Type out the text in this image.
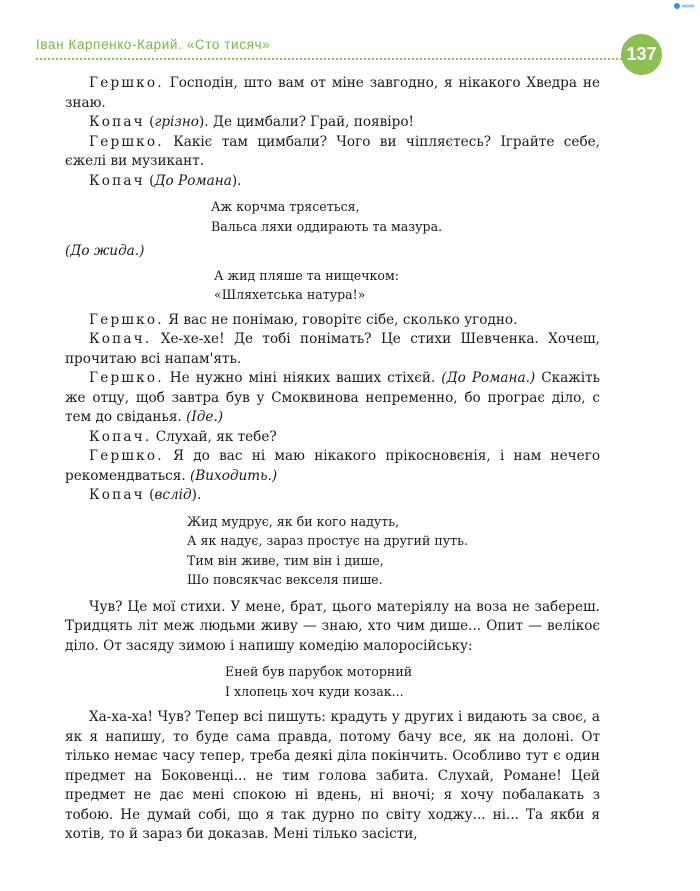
Іван Карпенко-Карий. «Сто тисяч»	137

Гершко. Господін, што вам от міне завгодно, я нікакого Хведра не знаю.

Копач (грізно). Де цимбали? Грай, появіро!

Гершко. Какіє там цимбали? Чого ви чіпляєтесь? Іграйте себе, єжелі ви музикант.

Копач (До Романа).

Аж корчма трясеться,
Вальса ляхи оддирають та мазура.

(До жида.)

А жид пляше та нищечком:
«Шляхетська натура!»

Гершко. Я вас не понімаю, говорітє сібе, сколько угодно.

Копач. Хе-хе-хе! Де тобі понімать? Це стихи Шевченка. Хочеш, прочитаю всі напам'ять.

Гершко. Не нужно міні ніяких ваших стіхєй. (До Романа.) Скажіть же отцу, щоб завтра був у Смоквинова непременно, бо програє діло, с тем до свіданья. (Іде.)

Копач. Слухай, як тебе?

Гершко. Я до вас ні маю нікакого прікосновєнія, і нам нечего рекомендваться. (Виходить.)

Копач (вслід).

Жид мудрує, як би кого надуть,
А як надує, зараз простує на другий путь.
Тим він живе, тим він і дише,
Шо повсякчас векселя пише.

Чув? Це мої стихи. У мене, брат, цього матеріялу на воза не забереш. Тридцять літ меж людьми живу — знаю, хто чим дише... Опит — велікоє діло. От засяду зимою і напишу комедію малоросійську:

Еней був парубок моторний
І хлопець хоч куди козак...

Ха-ха-ха! Чув? Тепер всі пишуть: крадуть у других і видають за своє, а як я напишу, то буде сама правда, потому бачу все, як на долоні. От тілько немає часу тепер, треба деякі діла покінчить. Особливо тут є один предмет на Боковенці... не тим голова забита. Слухай, Романе! Цей предмет не дає мені спокою ні вдень, ні вночі; я хочу побалакать з тобою. Не думай собі, що я так дурно по світу ходжу... ні... Та якби я хотів, то й зараз би доказав. Мені тілько засісти,
